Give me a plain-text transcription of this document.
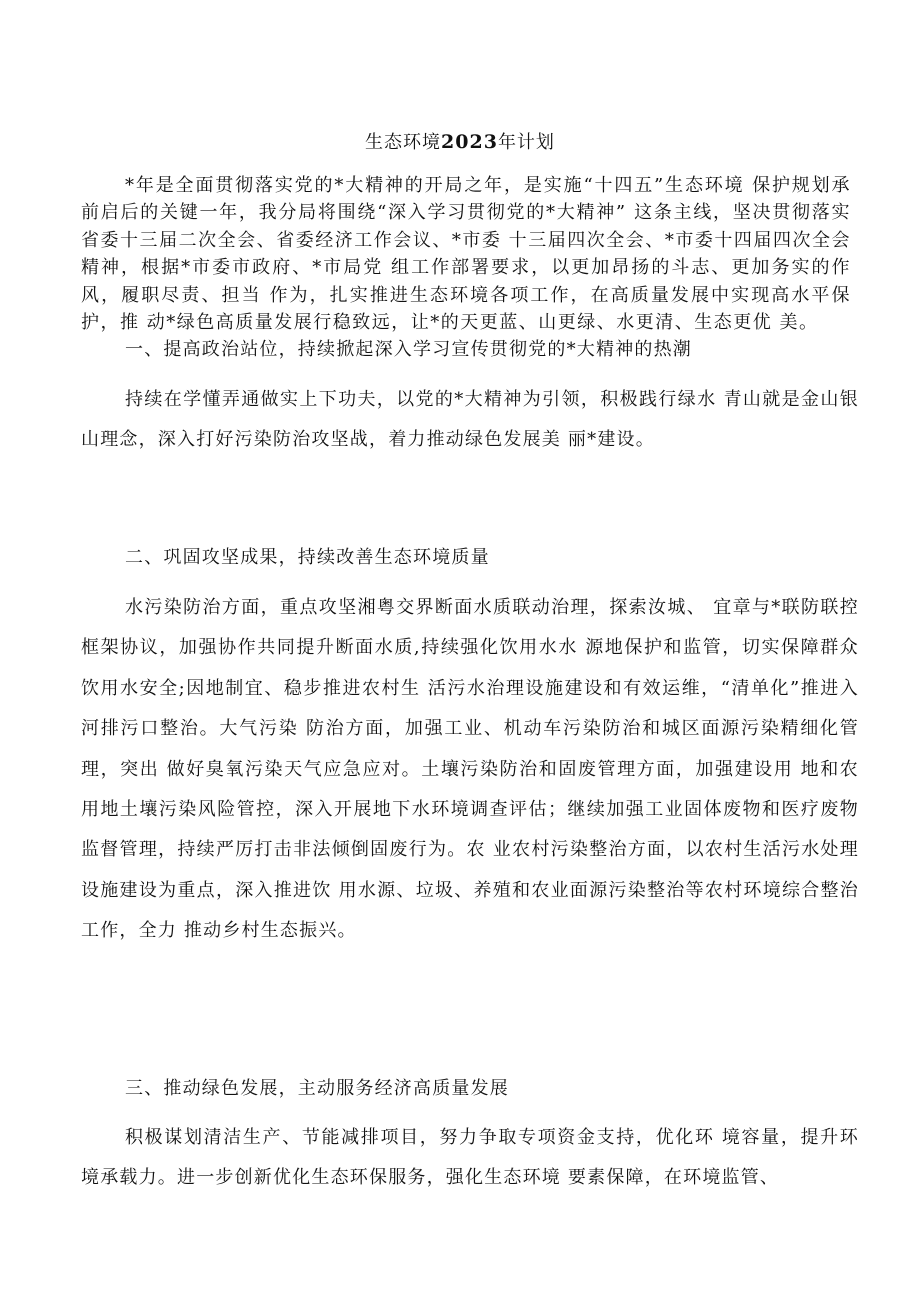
生态环境2023年计划

*年是全面贯彻落实党的*大精神的开局之年，是实施“十四五”生态环境 保护规划承前启后的关键一年，我分局将围绕“深入学习贯彻党的*大精神” 这条主线，坚决贯彻落实省委十三届二次全会、省委经济工作会议、*市委 十三届四次全会、*市委十四届四次全会精神，根据*市委市政府、*市局党 组工作部署要求，以更加昂扬的斗志、更加务实的作风，履职尽责、担当 作为，扎实推进生态环境各项工作，在高质量发展中实现高水平保护，推 动*绿色高质量发展行稳致远，让*的天更蓝、山更绿、水更清、生态更优 美。

一、提高政治站位，持续掀起深入学习宣传贯彻党的*大精神的热潮

持续在学懂弄通做实上下功夫，以党的*大精神为引领，积极践行绿水 青山就是金山银山理念，深入打好污染防治攻坚战，着力推动绿色发展美 丽*建设。

二、巩固攻坚成果，持续改善生态环境质量

水污染防治方面，重点攻坚湘粤交界断面水质联动治理，探索汝城、 宜章与*联防联控框架协议，加强协作共同提升断面水质,持续强化饮用水水 源地保护和监管，切实保障群众饮用水安全;因地制宜、稳步推进农村生 活污水治理设施建设和有效运维，“清单化”推进入河排污口整治。大气污染 防治方面，加强工业、机动车污染防治和城区面源污染精细化管理，突出 做好臭氧污染天气应急应对。土壤污染防治和固废管理方面，加强建设用 地和农用地土壤污染风险管控，深入开展地下水环境调查评估；继续加强工业固体废物和医疗废物监督管理，持续严厉打击非法倾倒固废行为。农 业农村污染整治方面，以农村生活污水处理设施建设为重点，深入推进饮 用水源、垃圾、养殖和农业面源污染整治等农村环境综合整治工作，全力 推动乡村生态振兴。

三、推动绿色发展，主动服务经济高质量发展

积极谋划清洁生产、节能减排项目，努力争取专项资金支持，优化环 境容量，提升环境承载力。进一步创新优化生态环保服务，强化生态环境 要素保障，在环境监管、
